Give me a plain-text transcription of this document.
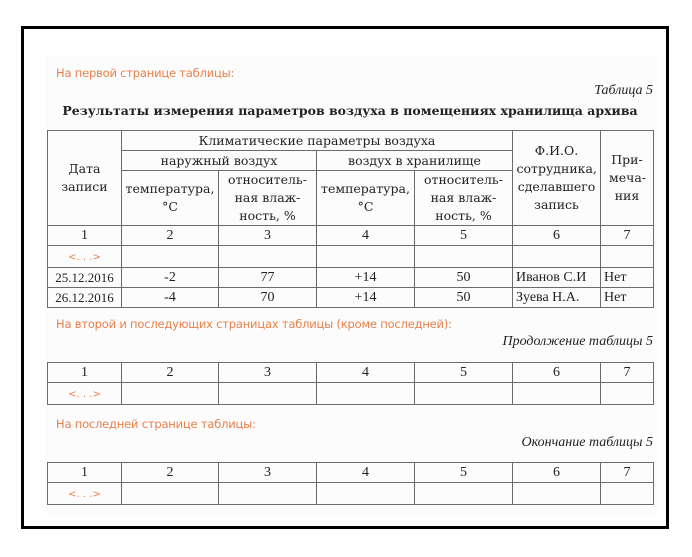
На первой странице таблицы:
Таблица 5
Результаты измерения параметров воздуха в помещениях хранилища архива
Дата записи	Климатические параметры воздуха				Ф.И.О. сотрудника, сделавшего запись	При- меча- ния
	наружный воздух		воздух в хранилище			
	температура, °С	относитель- ная влаж- ность, %	температура, °С	относитель- ная влаж- ность, %		
1	2	3	4	5	6	7
<. . .>						
25.12.2016	-2	77	+14	50	Иванов С.И	Нет
26.12.2016	-4	70	+14	50	Зуева Н.А.	Нет
На второй и последующих страницах таблицы (кроме последней):
Продолжение таблицы 5
1	2	3	4	5	6	7
<. . .>						
На последней странице таблицы:
Окончание таблицы 5
1	2	3	4	5	6	7
<. . .>						
